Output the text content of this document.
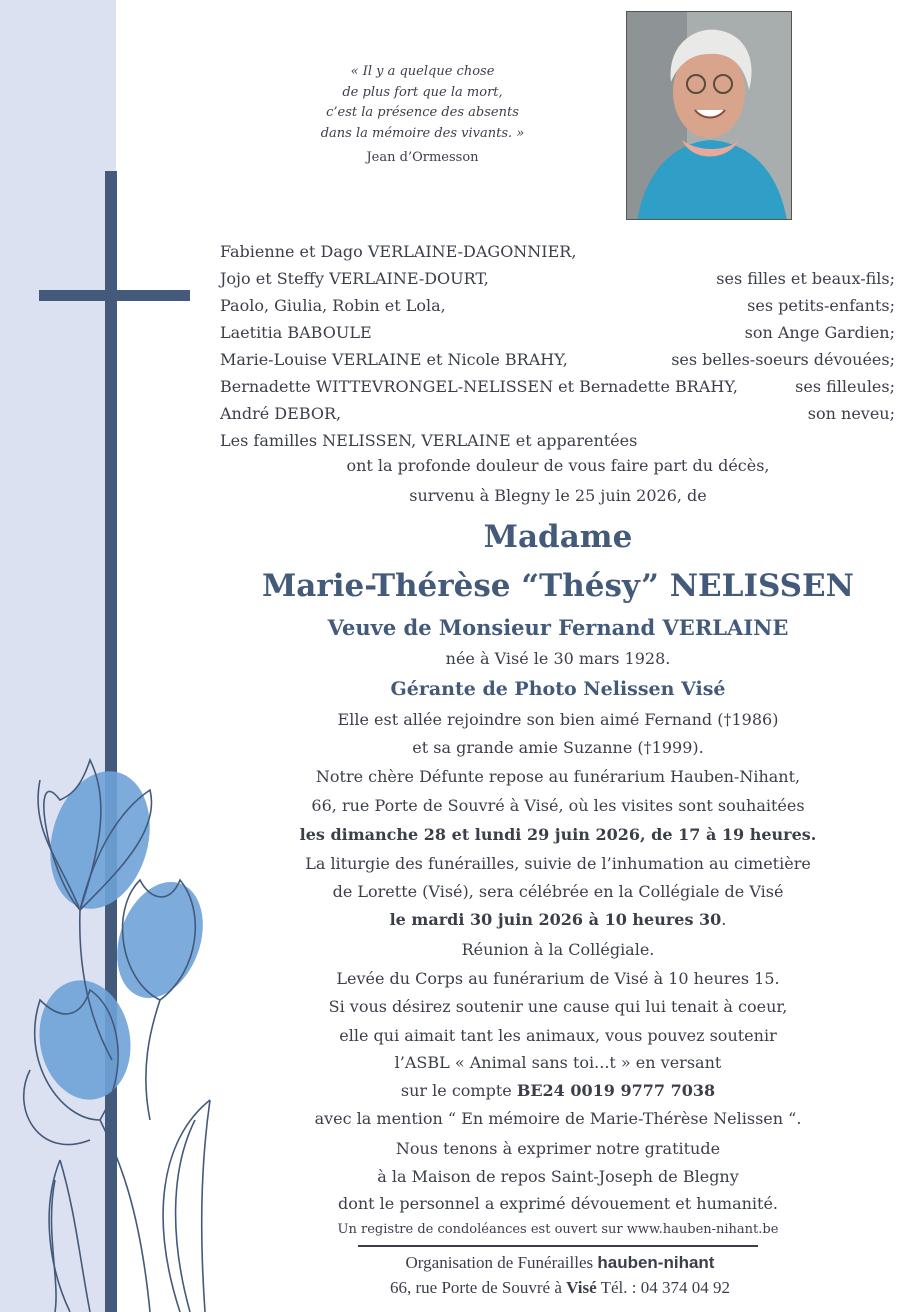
« Il y a quelque chose
de plus fort que la mort,
c’est la présence des absents
dans la mémoire des vivants. »
Jean d’Ormesson
Fabienne et Dago VERLAINE-DAGONNIER,
Jojo et Steffy VERLAINE-DOURT,	ses filles et beaux-fils;
Paolo, Giulia, Robin et Lola,	ses petits-enfants;
Laetitia BABOULE	son Ange Gardien;
Marie-Louise VERLAINE et Nicole BRAHY,	ses belles-soeurs dévouées;
Bernadette WITTEVRONGEL-NELISSEN et Bernadette BRAHY,	ses filleules;
André DEBOR,	son neveu;
Les familles NELISSEN, VERLAINE et apparentées
ont la profonde douleur de vous faire part du décès,
survenu à Blegny le 25 juin 2026, de
Madame
Marie-Thérèse “Thésy” NELISSEN
Veuve de Monsieur Fernand VERLAINE
née à Visé le 30 mars 1928.
Gérante de Photo Nelissen Visé
Elle est allée rejoindre son bien aimé Fernand (†1986)
et sa grande amie Suzanne (†1999).
Notre chère Défunte repose au funérarium Hauben-Nihant,
66, rue Porte de Souvré à Visé, où les visites sont souhaitées
les dimanche 28 et lundi 29 juin 2026, de 17 à 19 heures.
La liturgie des funérailles, suivie de l’inhumation au cimetière
de Lorette (Visé), sera célébrée en la Collégiale de Visé
le mardi 30 juin 2026 à 10 heures 30.
Réunion à la Collégiale.
Levée du Corps au funérarium de Visé à 10 heures 15.
Si vous désirez soutenir une cause qui lui tenait à coeur,
elle qui aimait tant les animaux, vous pouvez soutenir
l’ASBL « Animal sans toi...t » en versant
sur le compte BE24 0019 9777 7038
avec la mention “ En mémoire de Marie-Thérèse Nelissen “.
Nous tenons à exprimer notre gratitude
à la Maison de repos Saint-Joseph de Blegny
dont le personnel a exprimé dévouement et humanité.
Un registre de condoléances est ouvert sur www.hauben-nihant.be
Organisation de Funérailles hauben-nihant
66, rue Porte de Souvré à Visé Tél. : 04 374 04 92
